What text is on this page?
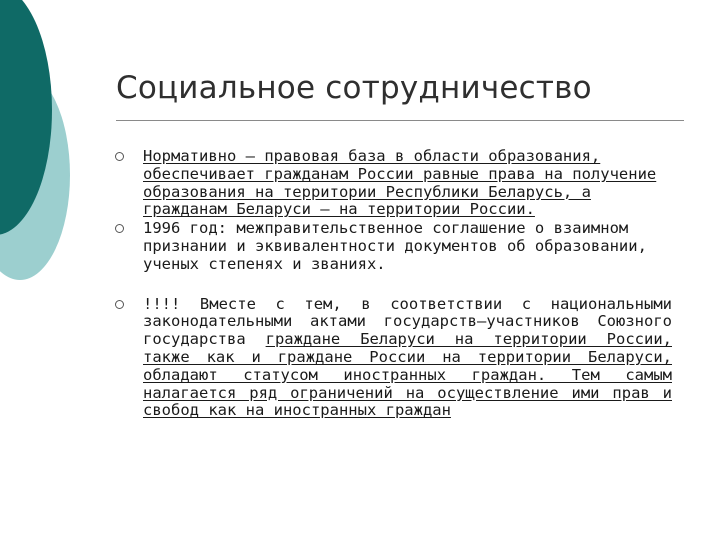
Социальное сотрудничество
Нормативно – правовая база в области образования, обеспечивает гражданам России равные права на получение образования на территории Республики Беларусь, а гражданам Беларуси – на территории России.
1996 год: межправительственное соглашение о взаимном признании и эквивалентности документов об образовании, ученых степенях и званиях.
!!!! Вместе с тем, в соответствии с национальными законодательными актами государств–участников Союзного государства граждане Беларуси на территории России, также как и граждане России на территории Беларуси, обладают статусом иностранных граждан. Тем самым налагается ряд ограничений на осуществление ими прав и свобод как на иностранных граждан
